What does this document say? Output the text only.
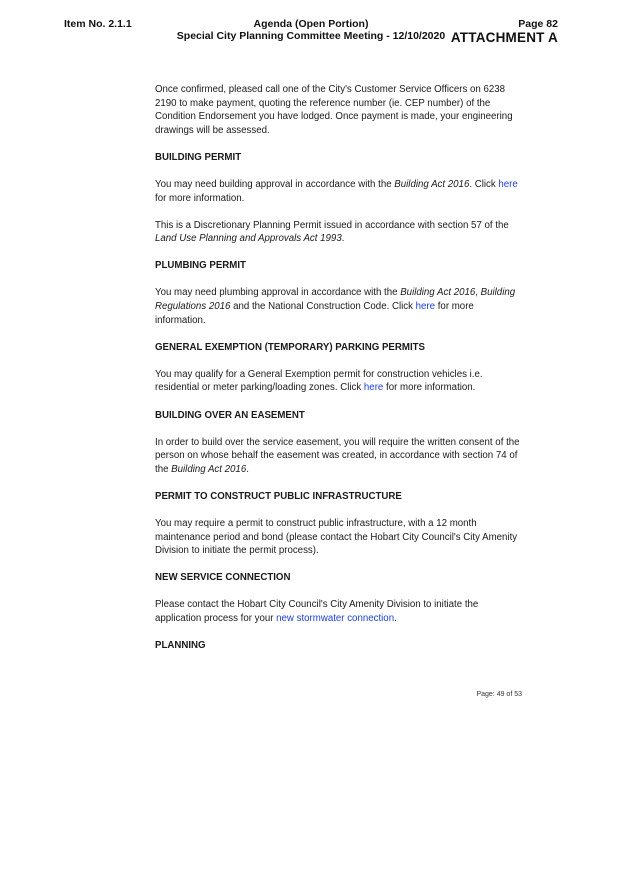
Item No. 2.1.1	Agenda (Open Portion)
Special City Planning Committee Meeting - 12/10/2020
Page 82
ATTACHMENT A

Once confirmed, pleased call one of the City's Customer Service Officers on 6238 2190 to make payment, quoting the reference number (ie. CEP number) of the Condition Endorsement you have lodged. Once payment is made, your engineering drawings will be assessed.

BUILDING PERMIT

You may need building approval in accordance with the Building Act 2016. Click here for more information.

This is a Discretionary Planning Permit issued in accordance with section 57 of the Land Use Planning and Approvals Act 1993.

PLUMBING PERMIT

You may need plumbing approval in accordance with the Building Act 2016, Building Regulations 2016 and the National Construction Code. Click here for more information.

GENERAL EXEMPTION (TEMPORARY) PARKING PERMITS

You may qualify for a General Exemption permit for construction vehicles i.e. residential or meter parking/loading zones. Click here for more information.

BUILDING OVER AN EASEMENT

In order to build over the service easement, you will require the written consent of the person on whose behalf the easement was created, in accordance with section 74 of the Building Act 2016.

PERMIT TO CONSTRUCT PUBLIC INFRASTRUCTURE

You may require a permit to construct public infrastructure, with a 12 month maintenance period and bond (please contact the Hobart City Council's City Amenity Division to initiate the permit process).

NEW SERVICE CONNECTION

Please contact the Hobart City Council's City Amenity Division to initiate the application process for your new stormwater connection.

PLANNING
Page: 49 of 53
